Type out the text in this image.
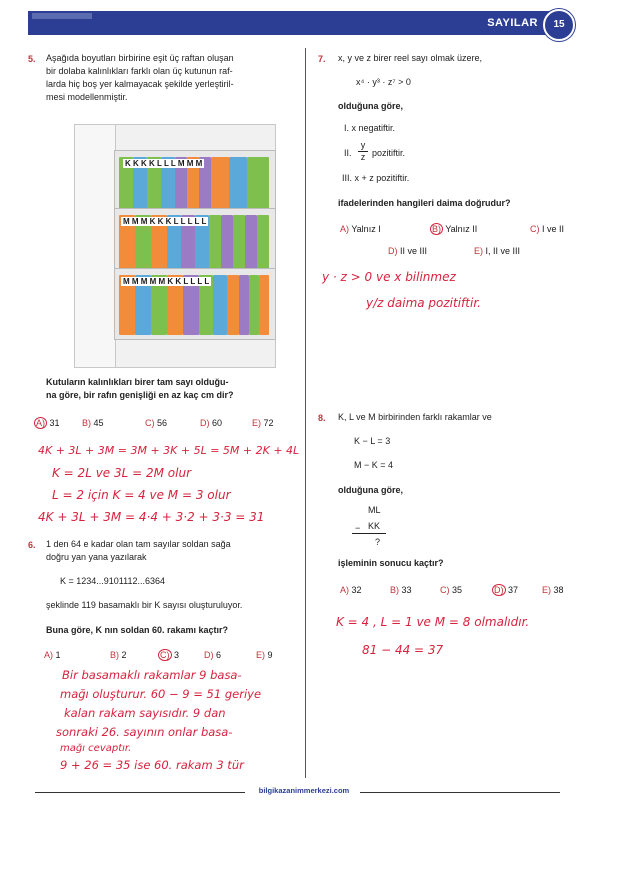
SAYILAR	15
5. Aşağıda boyutları birbirine eşit üç raftan oluşan
bir dolaba kalınlıkları farklı olan üç kutunun raf-
larda hiç boş yer kalmayacak şekilde yerleştiril-
mesi modellenmiştir.
K K K K L L L M M M
M M M K K K L L L L L
M M M M M K K L L L L
Kutuların kalınlıkları birer tam sayı olduğu-
na göre, bir rafın genişliği en az kaç cm dir?
A) 31 B) 45	C) 56	D) 60	E) 72
4K + 3L + 3M = 3M + 3K + 5L = 5M + 2K + 4L
K = 2L ve 3L = 2M olur
L = 2 için K = 4 ve M = 3 olur
4K + 3L + 3M = 4·4 + 3·2 + 3·3 = 31
6. 1 den 64 e kadar olan tam sayılar soldan sağa
doğru yan yana yazılarak
K = 1234...9101112...6364
şeklinde 119 basamaklı bir K sayısı oluşturuluyor.
Buna göre, K nın soldan 60. rakamı kaçtır?
A) 1	B) 2	C) 3	D) 6	E) 9
Bir basamaklı rakamlar 9 basa-
mağı oluşturur. 60 − 9 = 51 geriye
kalan rakam sayısıdır. 9 dan
sonraki 26. sayının onlar basa-
mağı cevaptır.
9 + 26 = 35 ise 60. rakam 3 tür
7. x, y ve z birer reel sayı olmak üzere,
x⁴ · y³ · z⁷ > 0
olduğuna göre,
I. x negatiftir.
II. $\frac{y}{z}$ pozitiftir.
III. x + z pozitiftir.
ifadelerinden hangileri daima doğrudur?
A) Yalnız I	B) Yalnız II	C) I ve II
D) II ve III	E) I, II ve III
y · z > 0 ve x bilinmez
y/z daima pozitiftir.
8. K, L ve M birbirinden farklı rakamlar ve
K − L = 3
M − K = 4
olduğuna göre,
ML
− KK
?
işleminin sonucu kaçtır?
A) 32	B) 33	C) 35	D) 37	E) 38
K = 4 , L = 1 ve M = 8 olmalıdır.
81 − 44 = 37
bilgikazanimmerkezi.com
